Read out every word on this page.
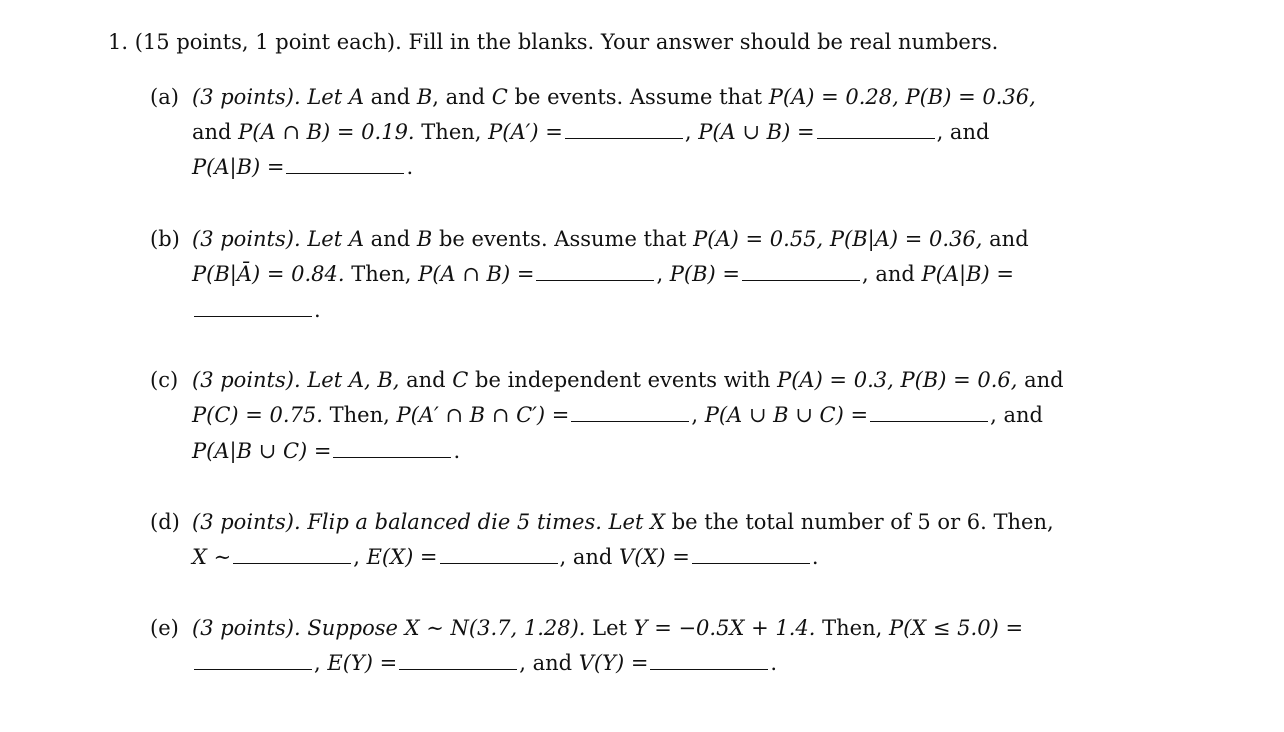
1. (15 points, 1 point each). Fill in the blanks. Your answer should be real numbers.
(a) (3 points). Let A and B, and C be events. Assume that P(A) = 0.28, P(B) = 0.36,
and P(A ∩ B) = 0.19. Then, P(A′) =	, P(A ∪ B) =	, and
P(A|B) =	.
(b) (3 points). Let A and B be events. Assume that P(A) = 0.55, P(B|A) = 0.36, and
P(B|Ā) = 0.84. Then, P(A ∩ B) =	, P(B) =	, and P(A|B) =
.
(c) (3 points). Let A, B, and C be independent events with P(A) = 0.3, P(B) = 0.6, and
P(C) = 0.75. Then, P(A′ ∩ B ∩ C′) =	, P(A ∪ B ∪ C) =	, and
P(A|B ∪ C) =	.
(d) (3 points). Flip a balanced die 5 times. Let X be the total number of 5 or 6. Then,
X ∼	, E(X) =	, and V(X) =	.
(e) (3 points). Suppose X ∼ N(3.7, 1.28). Let Y = −0.5X + 1.4. Then, P(X ≤ 5.0) =
, E(Y) =	, and V(Y) =	.
